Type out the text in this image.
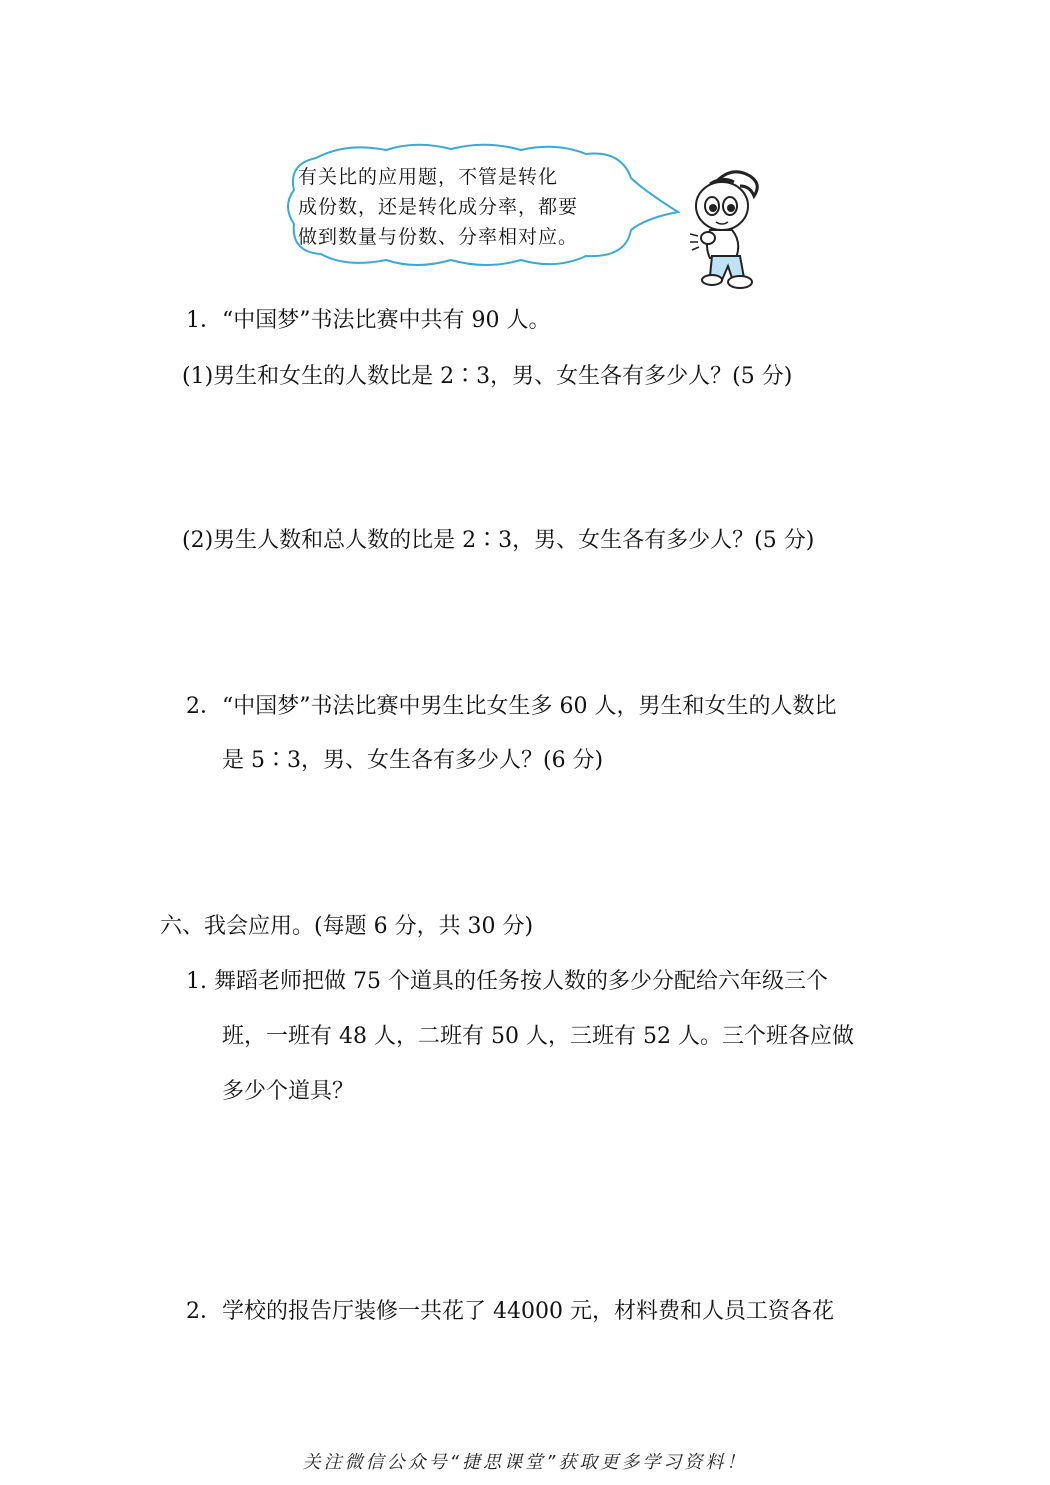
有关比的应用题，不管是转化
成份数，还是转化成分率，都要
做到数量与份数、分率相对应。
1．“中国梦”书法比赛中共有 90 人。
(1)男生和女生的人数比是 2∶3，男、女生各有多少人？(5 分)
(2)男生人数和总人数的比是 2∶3，男、女生各有多少人？(5 分)
2．“中国梦”书法比赛中男生比女生多 60 人，男生和女生的人数比
是 5∶3，男、女生各有多少人？(6 分)
六、我会应用。(每题 6 分，共 30 分)
1. 舞蹈老师把做 75 个道具的任务按人数的多少分配给六年级三个
班，一班有 48 人，二班有 50 人，三班有 52 人。三个班各应做
多少个道具？
2．学校的报告厅装修一共花了 44000 元，材料费和人员工资各花
关注微信公众号“捷思课堂”获取更多学习资料！
